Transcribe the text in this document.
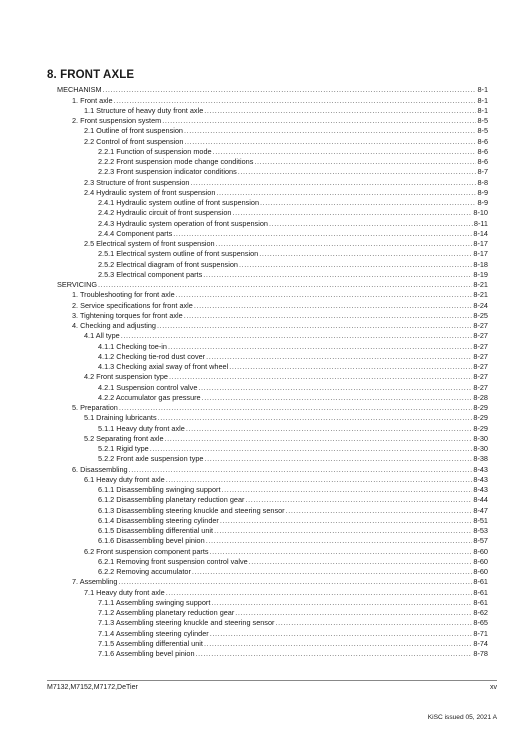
8. FRONT AXLE
MECHANISM .....	8-1
1. Front axle .....	8-1
1.1 Structure of heavy duty front axle .....	8-1
2. Front suspension system .....	8-5
2.1 Outline of front suspension .....	8-5
2.2 Control of front suspension .....	8-6
2.2.1 Function of suspension mode .....	8-6
2.2.2 Front suspension mode change conditions .....	8-6
2.2.3 Front suspension indicator conditions .....	8-7
2.3 Structure of front suspension .....	8-8
2.4 Hydraulic system of front suspension .....	8-9
2.4.1 Hydraulic system outline of front suspension .....	8-9
2.4.2 Hydraulic circuit of front suspension .....	8-10
2.4.3 Hydraulic system operation of front suspension .....	8-11
2.4.4 Component parts .....	8-14
2.5 Electrical system of front suspension .....	8-17
2.5.1 Electrical system outline of front suspension .....	8-17
2.5.2 Electrical diagram of front suspension .....	8-18
2.5.3 Electrical component parts .....	8-19
SERVICING .....	8-21
1. Troubleshooting for front axle .....	8-21
2. Service specifications for front axle .....	8-24
3. Tightening torques for front axle .....	8-25
4. Checking and adjusting .....	8-27
4.1 All type .....	8-27
4.1.1 Checking toe-in .....	8-27
4.1.2 Checking tie-rod dust cover .....	8-27
4.1.3 Checking axial sway of front wheel .....	8-27
4.2 Front suspension type .....	8-27
4.2.1 Suspension control valve .....	8-27
4.2.2 Accumulator gas pressure .....	8-28
5. Preparation .....	8-29
5.1 Draining lubricants .....	8-29
5.1.1 Heavy duty front axle .....	8-29
5.2 Separating front axle .....	8-30
5.2.1 Rigid type .....	8-30
5.2.2 Front axle suspension type .....	8-38
6. Disassembling .....	8-43
6.1 Heavy duty front axle .....	8-43
6.1.1 Disassembling swinging support .....	8-43
6.1.2 Disassembling planetary reduction gear .....	8-44
6.1.3 Disassembling steering knuckle and steering sensor .....	8-47
6.1.4 Disassembling steering cylinder .....	8-51
6.1.5 Disassembling differential unit .....	8-53
6.1.6 Disassembling bevel pinion .....	8-57
6.2 Front suspension component parts .....	8-60
6.2.1 Removing front suspension control valve .....	8-60
6.2.2 Removing accumulator .....	8-60
7. Assembling .....	8-61
7.1 Heavy duty front axle .....	8-61
7.1.1 Assembling swinging support .....	8-61
7.1.2 Assembling planetary reduction gear .....	8-62
7.1.3 Assembling steering knuckle and steering sensor .....	8-65
7.1.4 Assembling steering cylinder .....	8-71
7.1.5 Assembling differential unit .....	8-74
7.1.6 Assembling bevel pinion .....	8-78
M7132,M7152,M7172,DeTier	xv
KiSC issued 05, 2021 A
